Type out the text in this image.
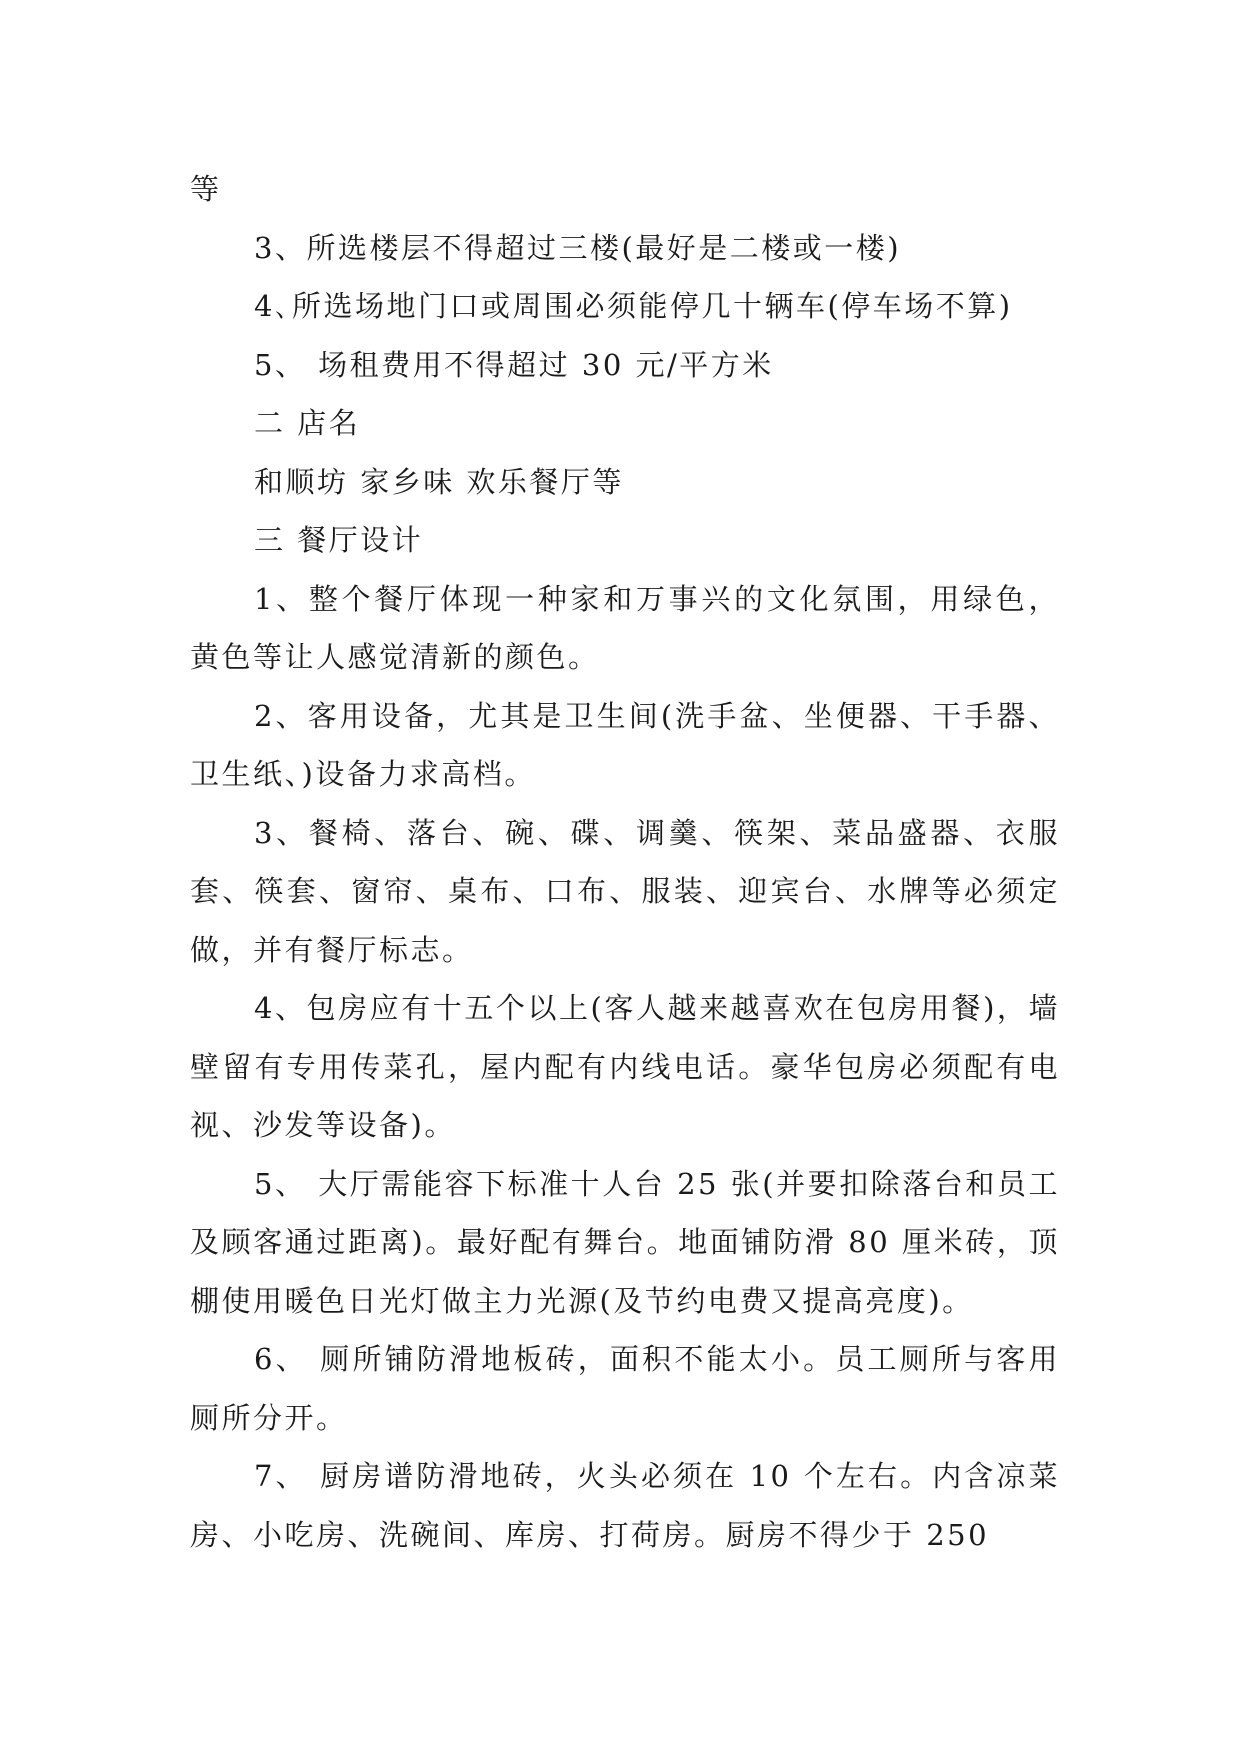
等

3、所选楼层不得超过三楼(最好是二楼或一楼)

4､所选场地门口或周围必须能停几十辆车(停车场不算)

5、 场租费用不得超过 30 元/平方米

二 店名

和顺坊 家乡味 欢乐餐厅等

三 餐厅设计

1、整个餐厅体现一种家和万事兴的文化氛围，用绿色，黄色等让人感觉清新的颜色。

2、客用设备，尤其是卫生间(洗手盆、坐便器、干手器、卫生纸、)设备力求高档。

3、餐椅、落台、碗、碟、调羹、筷架、菜品盛器、衣服套、筷套、窗帘、桌布、口布、服装、迎宾台、水牌等必须定做，并有餐厅标志。

4、包房应有十五个以上(客人越来越喜欢在包房用餐)，墙壁留有专用传菜孔，屋内配有内线电话。豪华包房必须配有电视、沙发等设备)。

5、 大厅需能容下标准十人台 25 张(并要扣除落台和员工及顾客通过距离)。最好配有舞台。地面铺防滑 80 厘米砖，顶棚使用暖色日光灯做主力光源(及节约电费又提高亮度)。

6、 厕所铺防滑地板砖，面积不能太小。员工厕所与客用厕所分开。

7、 厨房谱防滑地砖，火头必须在 10 个左右。内含凉菜房、小吃房、洗碗间、库房、打荷房。厨房不得少于 250
